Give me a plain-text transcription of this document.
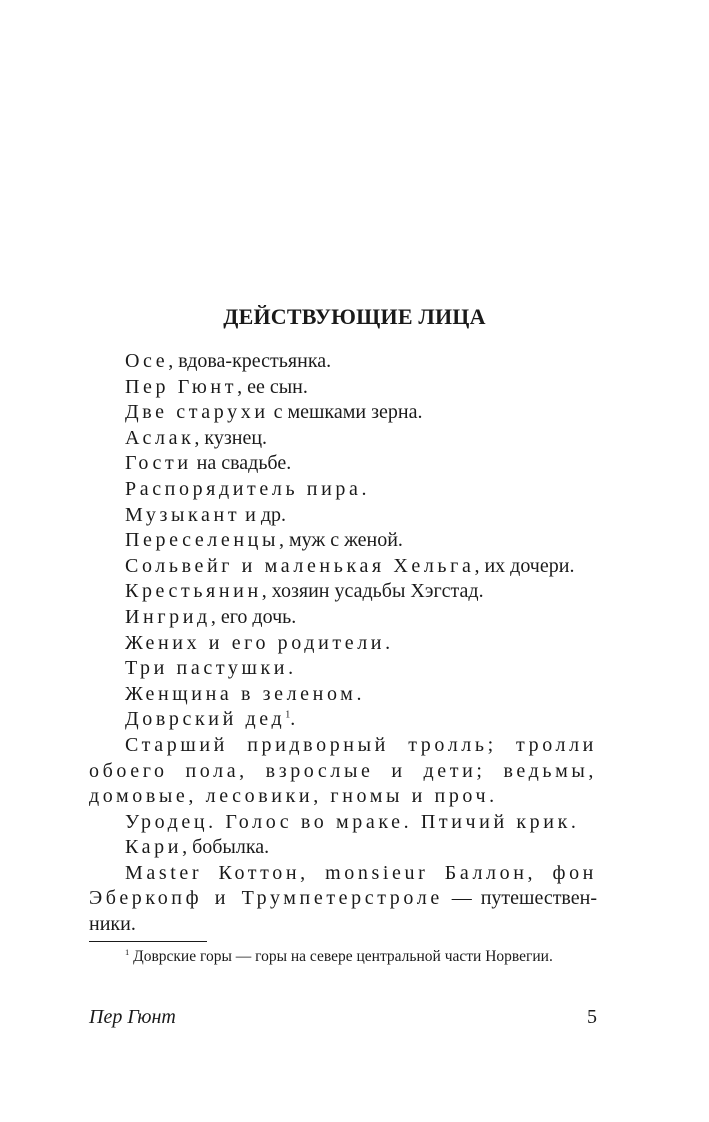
ДЕЙСТВУЮЩИЕ ЛИЦА
Осе, вдова-крестьянка.
Пер Гюнт, ее сын.
Две старухи с мешками зерна.
Аслак, кузнец.
Гости на свадьбе.
Распорядитель пира.
Музыкант и др.
Переселенцы, муж с женой.
Сольвейг и маленькая Хельга, их дочери.
Крестьянин, хозяин усадьбы Хэгстад.
Ингрид, его дочь.
Жених и его родители.
Три пастушки.
Женщина в зеленом.
Доврский дед$^1$.
Старший придворный тролль; тролли
обоего пола, взрослые и дети; ведьмы,
домовые, лесовики, гномы и проч.
Уродец. Голос во мраке. Птичий крик.
Кари, бобылка.
Master Коттон, monsieur Баллон, фон
Эберкопф и Трумпетерстроле — путешествен-
ники.

$^1$ Доврские горы — горы на севере центральной части Норвегии.

Пер Гюнт	5
